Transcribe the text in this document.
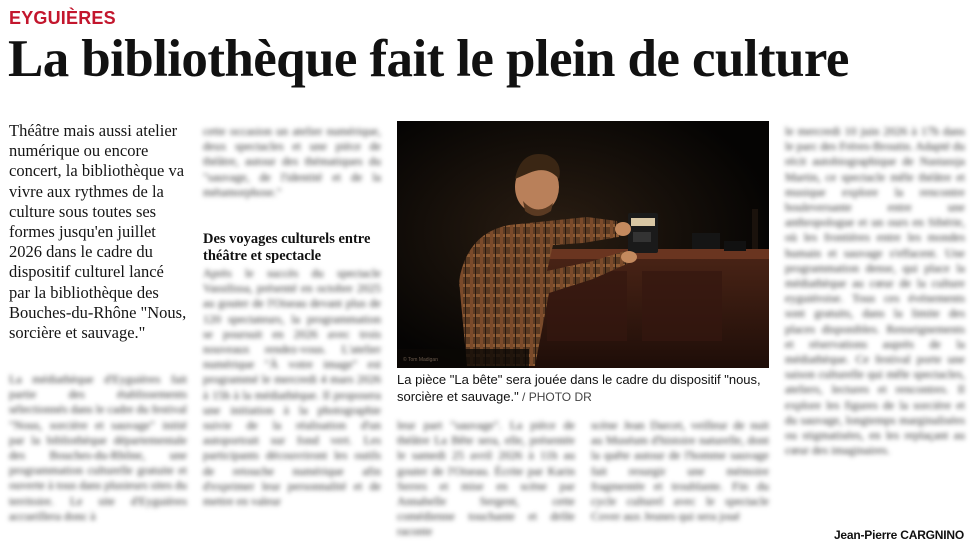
EYGUIÈRES
La bibliothèque fait le plein de culture
Théâtre mais aussi atelier numérique ou encore concert, la bibliothèque va vivre aux rythmes de la culture sous toutes ses formes jusqu'en juillet 2026 dans le cadre du dispositif culturel lancé par la bibliothèque des Bouches-du-Rhône "Nous, sorcière et sauvage."
La médiathèque d'Eyguières fait partie des établissements sélectionnés dans le cadre du festival "Nous, sorcière et sauvage" initié par la bibliothèque départementale des Bouches-du-Rhône, une programmation culturelle gratuite et ouverte à tous dans plusieurs sites du territoire. Le site d'Eyguières accueillera donc à
cette occasion un atelier numérique, deux spectacles et une pièce de théâtre, autour des thématiques du "sauvage, de l'identité et de la métamorphose."
Des voyages culturels entre théâtre et spectacle
Après le succès du spectacle Vassilissa, présenté en octobre 2025 au gouter de l'Oiseau devant plus de 120 spectateurs, la programmation se poursuit en 2026 avec trois nouveaux rendez-vous. L'atelier numérique "À votre image" est programmé le mercredi 4 mars 2026 à 15h à la médiathèque. Il proposera une initiation à la photographie suivie de la réalisation d'un autoportrait sur fond vert. Les participants découvriront les outils de retouche numérique afin d'exprimer leur personnalité et de mettre en valeur
© Tom Madigan
La pièce "La bête" sera jouée dans le cadre du dispositif "nous, sorcière et sauvage." / PHOTO DR
leur part "sauvage". La pièce de théâtre La Bête sera, elle, présentée le samedi 25 avril 2026 à 11h au gouter de l'Oiseau. Écrite par Karin Serres et mise en scène par Annabelle Sergent, cette comédienne touchante et drôle raconte
scène Jean Darcet, veilleur de nuit au Muséum d'histoire naturelle, dont la quête autour de l'homme sauvage fait resurgir une mémoire fragmentée et troublante. Fin du cycle culturel avec le spectacle Cover aux Jeunes qui sera joué
le mercredi 10 juin 2026 à 17h dans le parc des Frères-Broutin. Adapté du récit autobiographique de Nastassja Martin, ce spectacle mêle théâtre et musique explore la rencontre bouleversante entre une anthropologue et un ours en Sibérie, où les frontières entre les mondes humain et sauvage s'effacent. Une programmation dense, qui place la médiathèque au cœur de la culture eyguiéroise. Tous ces événements sont gratuits, dans la limite des places disponibles. Renseignements et réservations auprès de la médiathèque. Ce festival porte une saison culturelle qui mêle spectacles, ateliers, lectures et rencontres. Il explore les figures de la sorcière et du sauvage, longtemps marginalisées ou stigmatisées, en les replaçant au cœur des imaginaires.
Jean-Pierre CARGNINO
